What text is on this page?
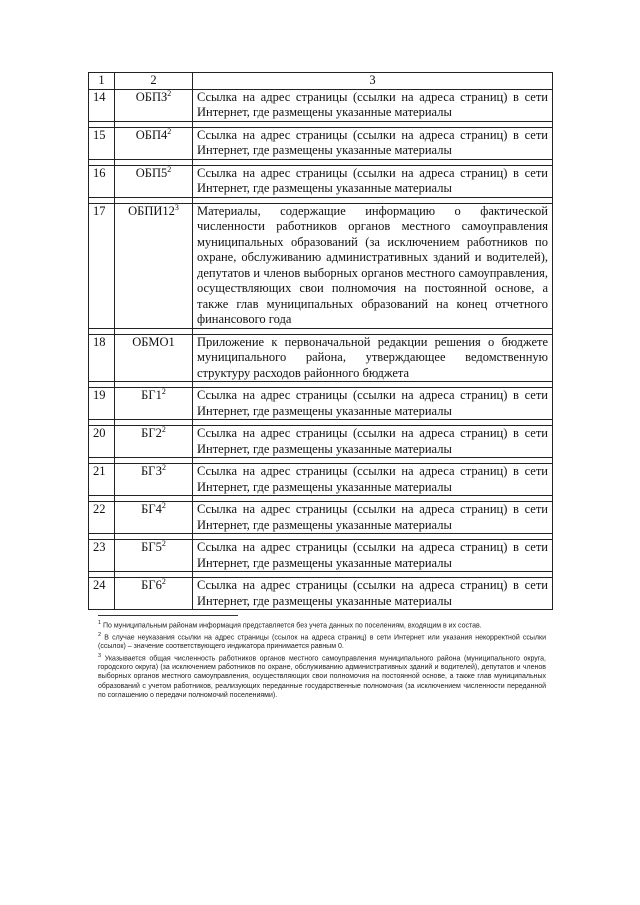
1	2	3
14	ОБПЗ$^2$	Ссылка на адрес страницы (ссылки на адреса страниц) в сети Интернет, где размещены указанные материалы

15	$ОБП4^2$	Ссылка на адрес страницы (ссылки на адреса страниц) в сети Интернет, где размещены указанные материалы

16	$ОБП5^2$	Ссылка на адрес страницы (ссылки на адреса страниц) в сети Интернет, где размещены указанные материалы

17	$ОБПИ12^3$	Материалы, содержащие информацию о фактической численности работников органов местного самоуправления муниципальных образований (за исключением работников по охране, обслуживанию административных зданий и водителей), депутатов и членов выборных органов местного самоуправления, осуществляющих свои полномочия на постоянной основе, а также глав муниципальных образований на конец отчетного финансового года

18	ОБМО1	Приложение к первоначальной редакции решения о бюджете муниципального района, утверждающее ведомственную структуру расходов районного бюджета

19	$БГ1^2$	Ссылка на адрес страницы (ссылки на адреса страниц) в сети Интернет, где размещены указанные материалы

20	$БГ2^2$	Ссылка на адрес страницы (ссылки на адреса страниц) в сети Интернет, где размещены указанные материалы

21	БГЗ$^2$	Ссылка на адрес страницы (ссылки на адреса страниц) в сети Интернет, где размещены указанные материалы

22	$БГ4^2$	Ссылка на адрес страницы (ссылки на адреса страниц) в сети Интернет, где размещены указанные материалы

23	$БГ5^2$	Ссылка на адрес страницы (ссылки на адреса страниц) в сети Интернет, где размещены указанные материалы

24	$БГ6^2$	Ссылка на адрес страницы (ссылки на адреса страниц) в сети Интернет, где размещены указанные материалы

$^1$ По муниципальным районам информация представляется без учета данных по поселениям, входящим в их состав.

$^2$ В случае неуказания ссылки на адрес страницы (ссылок на адреса страниц) в сети Интернет или указания некорректной ссылки (ссылок) – значение соответствующего индикатора принимается равным 0.

$^3$ Указывается общая численность работников органов местного самоуправления муниципального района (муниципального округа, городского округа) (за исключением работников по охране, обслуживанию административных зданий и водителей), депутатов и членов выборных органов местного самоуправления, осуществляющих свои полномочия на постоянной основе, а также глав муниципальных образований с учетом работников, реализующих переданные государственные полномочия (за исключением численности переданной по соглашению о передачи полномочий поселениями).
